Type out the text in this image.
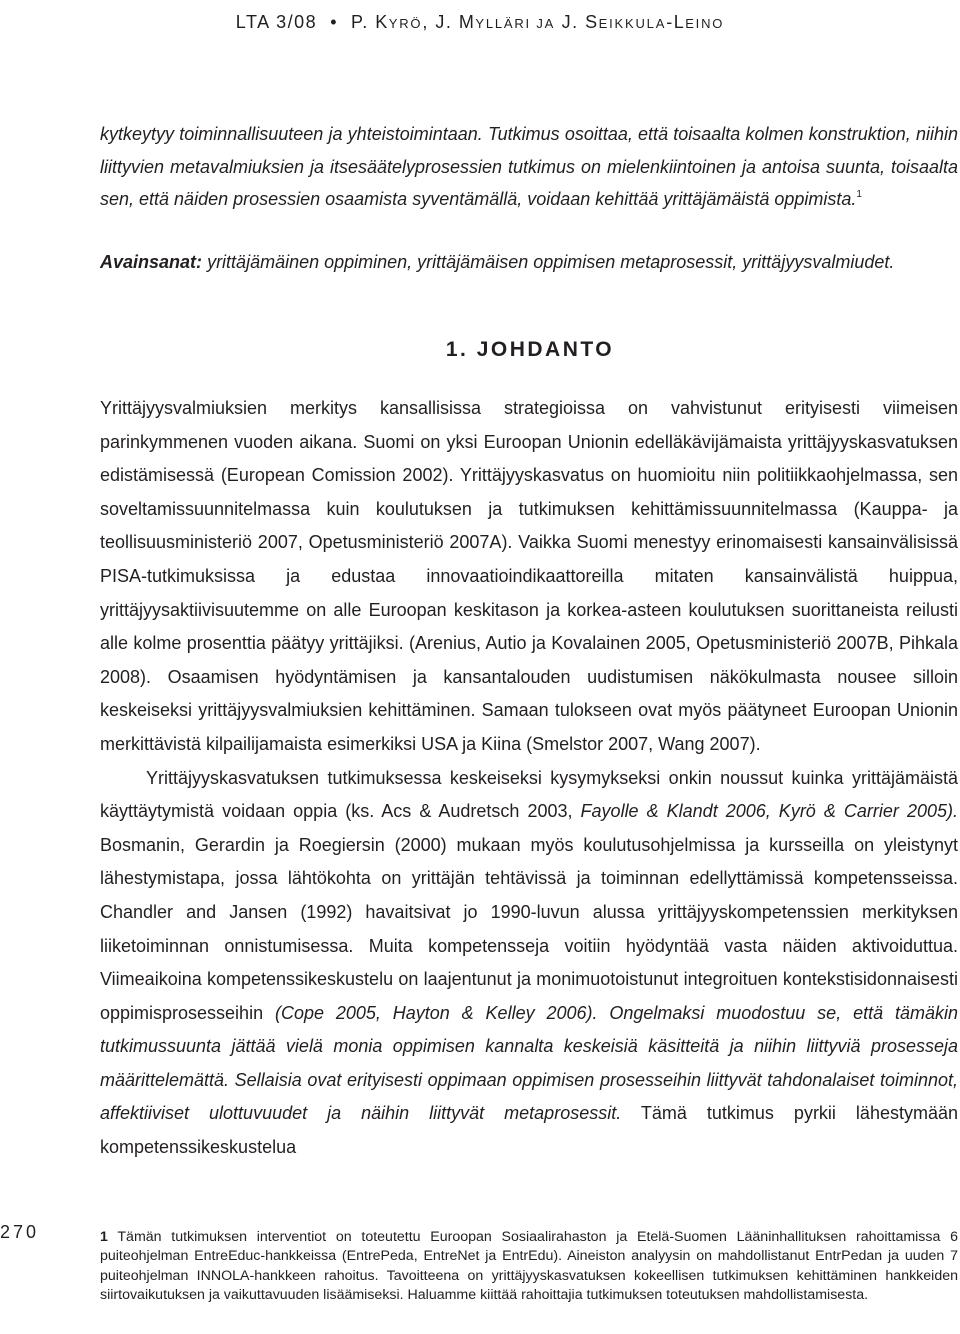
LTA 3/08 • P. KYRÖ, J. MYLLÄRI JA J. SEIKKULA-LEINO
kytkeytyy toiminnallisuuteen ja yhteistoimintaan. Tutkimus osoittaa, että toisaalta kolmen konstruktion, niihin liittyvien metavalmiuksien ja itsesäätelyprosessien tutkimus on mielenkiintoinen ja antoisa suunta, toisaalta sen, että näiden prosessien osaamista syventämällä, voidaan kehittää yrittäjämäistä oppimista.$^1$
Avainsanat: yrittäjämäinen oppiminen, yrittäjämäisen oppimisen metaprosessit, yrittäjyysvalmiudet.
1. JOHDANTO

Yrittäjyysvalmiuksien merkitys kansallisissa strategioissa on vahvistunut erityisesti viimeisen parinkymmenen vuoden aikana. Suomi on yksi Euroopan Unionin edelläkävijämaista yrittäjyyskasvatuksen edistämisessä (European Comission 2002). Yrittäjyyskasvatus on huomioitu niin politiikkaohjelmassa, sen soveltamissuunnitelmassa kuin koulutuksen ja tutkimuksen kehittämissuunnitelmassa (Kauppa- ja teollisuusministeriö 2007, Opetusministeriö 2007A). Vaikka Suomi menestyy erinomaisesti kansainvälisissä PISA-tutkimuksissa ja edustaa innovaatioindikaattoreilla mitaten kansainvälistä huippua, yrittäjyysaktiivisuutemme on alle Euroopan keskitason ja korkea-asteen koulutuksen suorittaneista reilusti alle kolme prosenttia päätyy yrittäjiksi. (Arenius, Autio ja Kovalainen 2005, Opetusministeriö 2007B, Pihkala 2008). Osaamisen hyödyntämisen ja kansantalouden uudistumisen näkökulmasta nousee silloin keskeiseksi yrittäjyysvalmiuksien kehittäminen. Samaan tulokseen ovat myös päätyneet Euroopan Unionin merkittävistä kilpailijamaista esimerkiksi USA ja Kiina (Smelstor 2007, Wang 2007).

Yrittäjyyskasvatuksen tutkimuksessa keskeiseksi kysymykseksi onkin noussut kuinka yrittäjämäistä käyttäytymistä voidaan oppia (ks. Acs & Audretsch 2003, Fayolle & Klandt 2006, Kyrö & Carrier 2005). Bosmanin, Gerardin ja Roegiersin (2000) mukaan myös koulutusohjelmissa ja kursseilla on yleistynyt lähestymistapa, jossa lähtökohta on yrittäjän tehtävissä ja toiminnan edellyttämissä kompetensseissa. Chandler and Jansen (1992) havaitsivat jo 1990-luvun alussa yrittäjyyskompetenssien merkityksen liiketoiminnan onnistumisessa. Muita kompetensseja voitiin hyödyntää vasta näiden aktivoiduttua. Viimeaikoina kompetenssikeskustelu on laajentunut ja monimuotoistunut integroituen kontekstisidonnaisesti oppimisprosesseihin (Cope 2005, Hayton & Kelley 2006). Ongelmaksi muodostuu se, että tämäkin tutkimussuunta jättää vielä monia oppimisen kannalta keskeisiä käsitteitä ja niihin liittyviä prosesseja määrittelemättä. Sellaisia ovat erityisesti oppimaan oppimisen prosesseihin liittyvät tahdonalaiset toiminnot, affektiiviset ulottuvuudet ja näihin liittyvät metaprosessit. Tämä tutkimus pyrkii lähestymään kompetenssikeskustelua

270	1 Tämän tutkimuksen interventiot on toteutettu Euroopan Sosiaalirahaston ja Etelä-Suomen Lääninhallituksen rahoittamissa 6 puiteohjelman EntreEduc-hankkeissa (EntrePeda, EntreNet ja EntrEdu). Aineiston analyysin on mahdollistanut EntrPedan ja uuden 7 puiteohjelman INNOLA-hankkeen rahoitus. Tavoitteena on yrittäjyyskasvatuksen kokeellisen tutkimuksen kehittäminen hankkeiden siirtovaikutuksen ja vaikuttavuuden lisäämiseksi. Haluamme kiittää rahoittajia tutkimuksen toteutuksen mahdollistamisesta.
